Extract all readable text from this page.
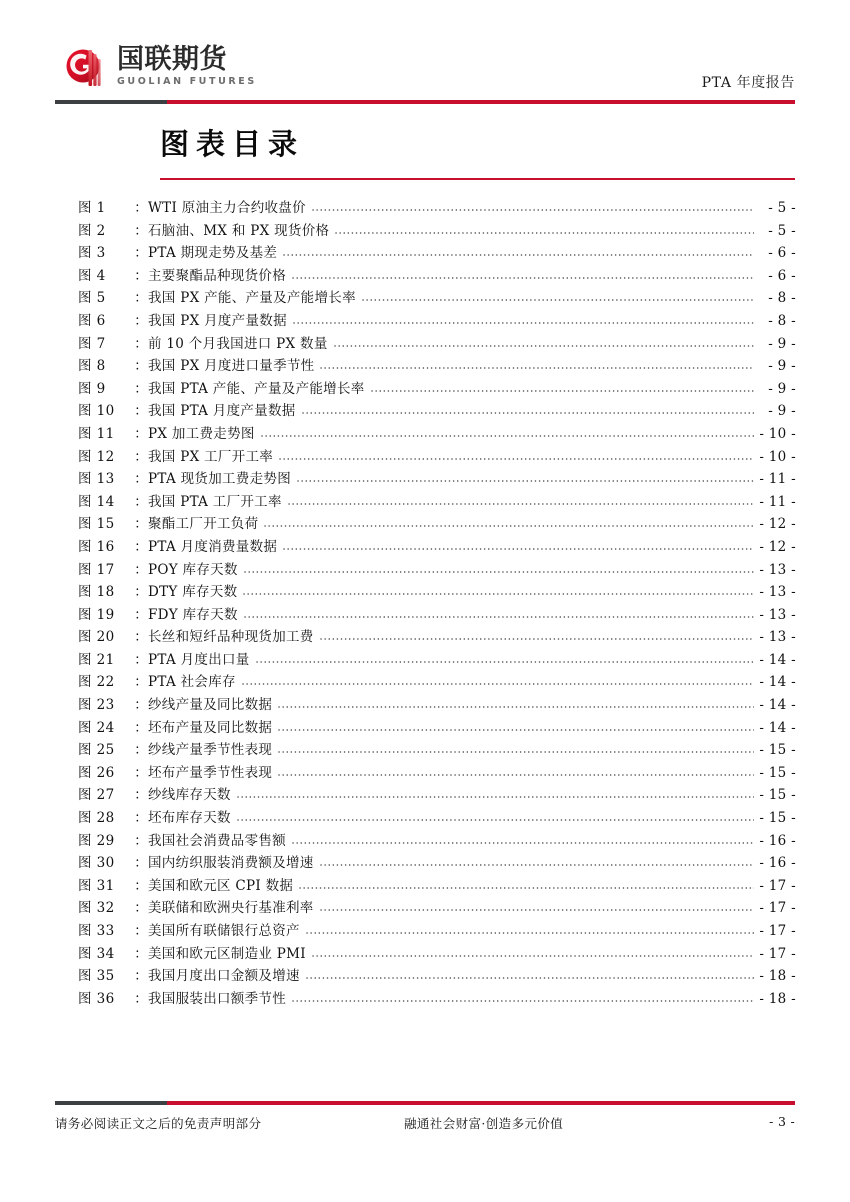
国联期货
GUOLIAN FUTURES	PTA 年度报告
图表目录
图 1	： WTI 原油主力合约收盘价	- 5 -
图 2	： 石脑油、MX 和 PX 现货价格	- 5 -
图 3	： PTA 期现走势及基差	- 6 -
图 4	： 主要聚酯品种现货价格	- 6 -
图 5	： 我国 PX 产能、产量及产能增长率	- 8 -
图 6	： 我国 PX 月度产量数据	- 8 -
图 7	： 前 10 个月我国进口 PX 数量	- 9 -
图 8	： 我国 PX 月度进口量季节性	- 9 -
图 9	： 我国 PTA 产能、产量及产能增长率	- 9 -
图 10	： 我国 PTA 月度产量数据	- 9 -
图 11	： PX 加工费走势图	- 10 -
图 12	： 我国 PX 工厂开工率	- 10 -
图 13	： PTA 现货加工费走势图	- 11 -
图 14	： 我国 PTA 工厂开工率	- 11 -
图 15	： 聚酯工厂开工负荷	- 12 -
图 16	： PTA 月度消费量数据	- 12 -
图 17	： POY 库存天数	- 13 -
图 18	： DTY 库存天数	- 13 -
图 19	： FDY 库存天数	- 13 -
图 20	： 长丝和短纤品种现货加工费	- 13 -
图 21	： PTA 月度出口量	- 14 -
图 22	： PTA 社会库存	- 14 -
图 23	： 纱线产量及同比数据	- 14 -
图 24	： 坯布产量及同比数据	- 14 -
图 25	： 纱线产量季节性表现	- 15 -
图 26	： 坯布产量季节性表现	- 15 -
图 27	： 纱线库存天数	- 15 -
图 28	： 坯布库存天数	- 15 -
图 29	： 我国社会消费品零售额	- 16 -
图 30	： 国内纺织服装消费额及增速	- 16 -
图 31	： 美国和欧元区 CPI 数据	- 17 -
图 32	： 美联储和欧洲央行基准利率	- 17 -
图 33	： 美国所有联储银行总资产	- 17 -
图 34	： 美国和欧元区制造业 PMI	- 17 -
图 35	： 我国月度出口金额及增速	- 18 -
图 36	： 我国服装出口额季节性	- 18 -
请务必阅读正文之后的免责声明部分	融通社会财富·创造多元价值	- 3 -
